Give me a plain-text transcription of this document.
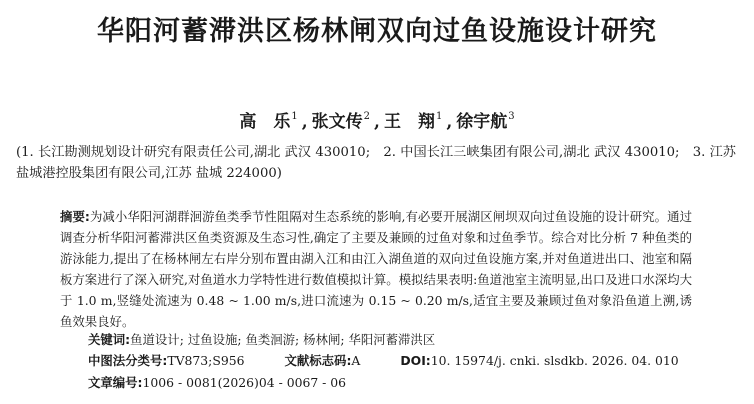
华阳河蓄滞洪区杨林闸双向过鱼设施设计研究
高　乐$^1$ , 张文传$^2$ , 王　翔$^1$ , 徐宇航$^3$
(1. 长江勘测规划设计研究有限责任公司,湖北 武汉 430010;　2. 中国长江三峡集团有限公司,湖北 武汉 430010;　3. 江苏盐城港控股集团有限公司,江苏 盐城 224000)
摘要:为减小华阳河湖群洄游鱼类季节性阻隔对生态系统的影响,有必要开展湖区闸坝双向过鱼设施的设计研究。通过调查分析华阳河蓄滞洪区鱼类资源及生态习性,确定了主要及兼顾的过鱼对象和过鱼季节。综合对比分析 7 种鱼类的游泳能力,提出了在杨林闸左右岸分别布置由湖入江和由江入湖鱼道的双向过鱼设施方案,并对鱼道进出口、池室和隔板方案进行了深入研究,对鱼道水力学特性进行数值模拟计算。模拟结果表明:鱼道池室主流明显,出口及进口水深均大于 1.0 m,竖缝处流速为 0.48 ~ 1.00 m/s,进口流速为 0.15 ~ 0.20 m/s,适宜主要及兼顾过鱼对象沿鱼道上溯,诱鱼效果良好。
关键词:鱼道设计; 过鱼设施; 鱼类洄游; 杨林闸; 华阳河蓄滞洪区
中图法分类号:TV873;S956	文献标志码:A	DOI:10. 15974/j. cnki. slsdkb. 2026. 04. 010
文章编号:1006 - 0081(2026)04 - 0067 - 06
